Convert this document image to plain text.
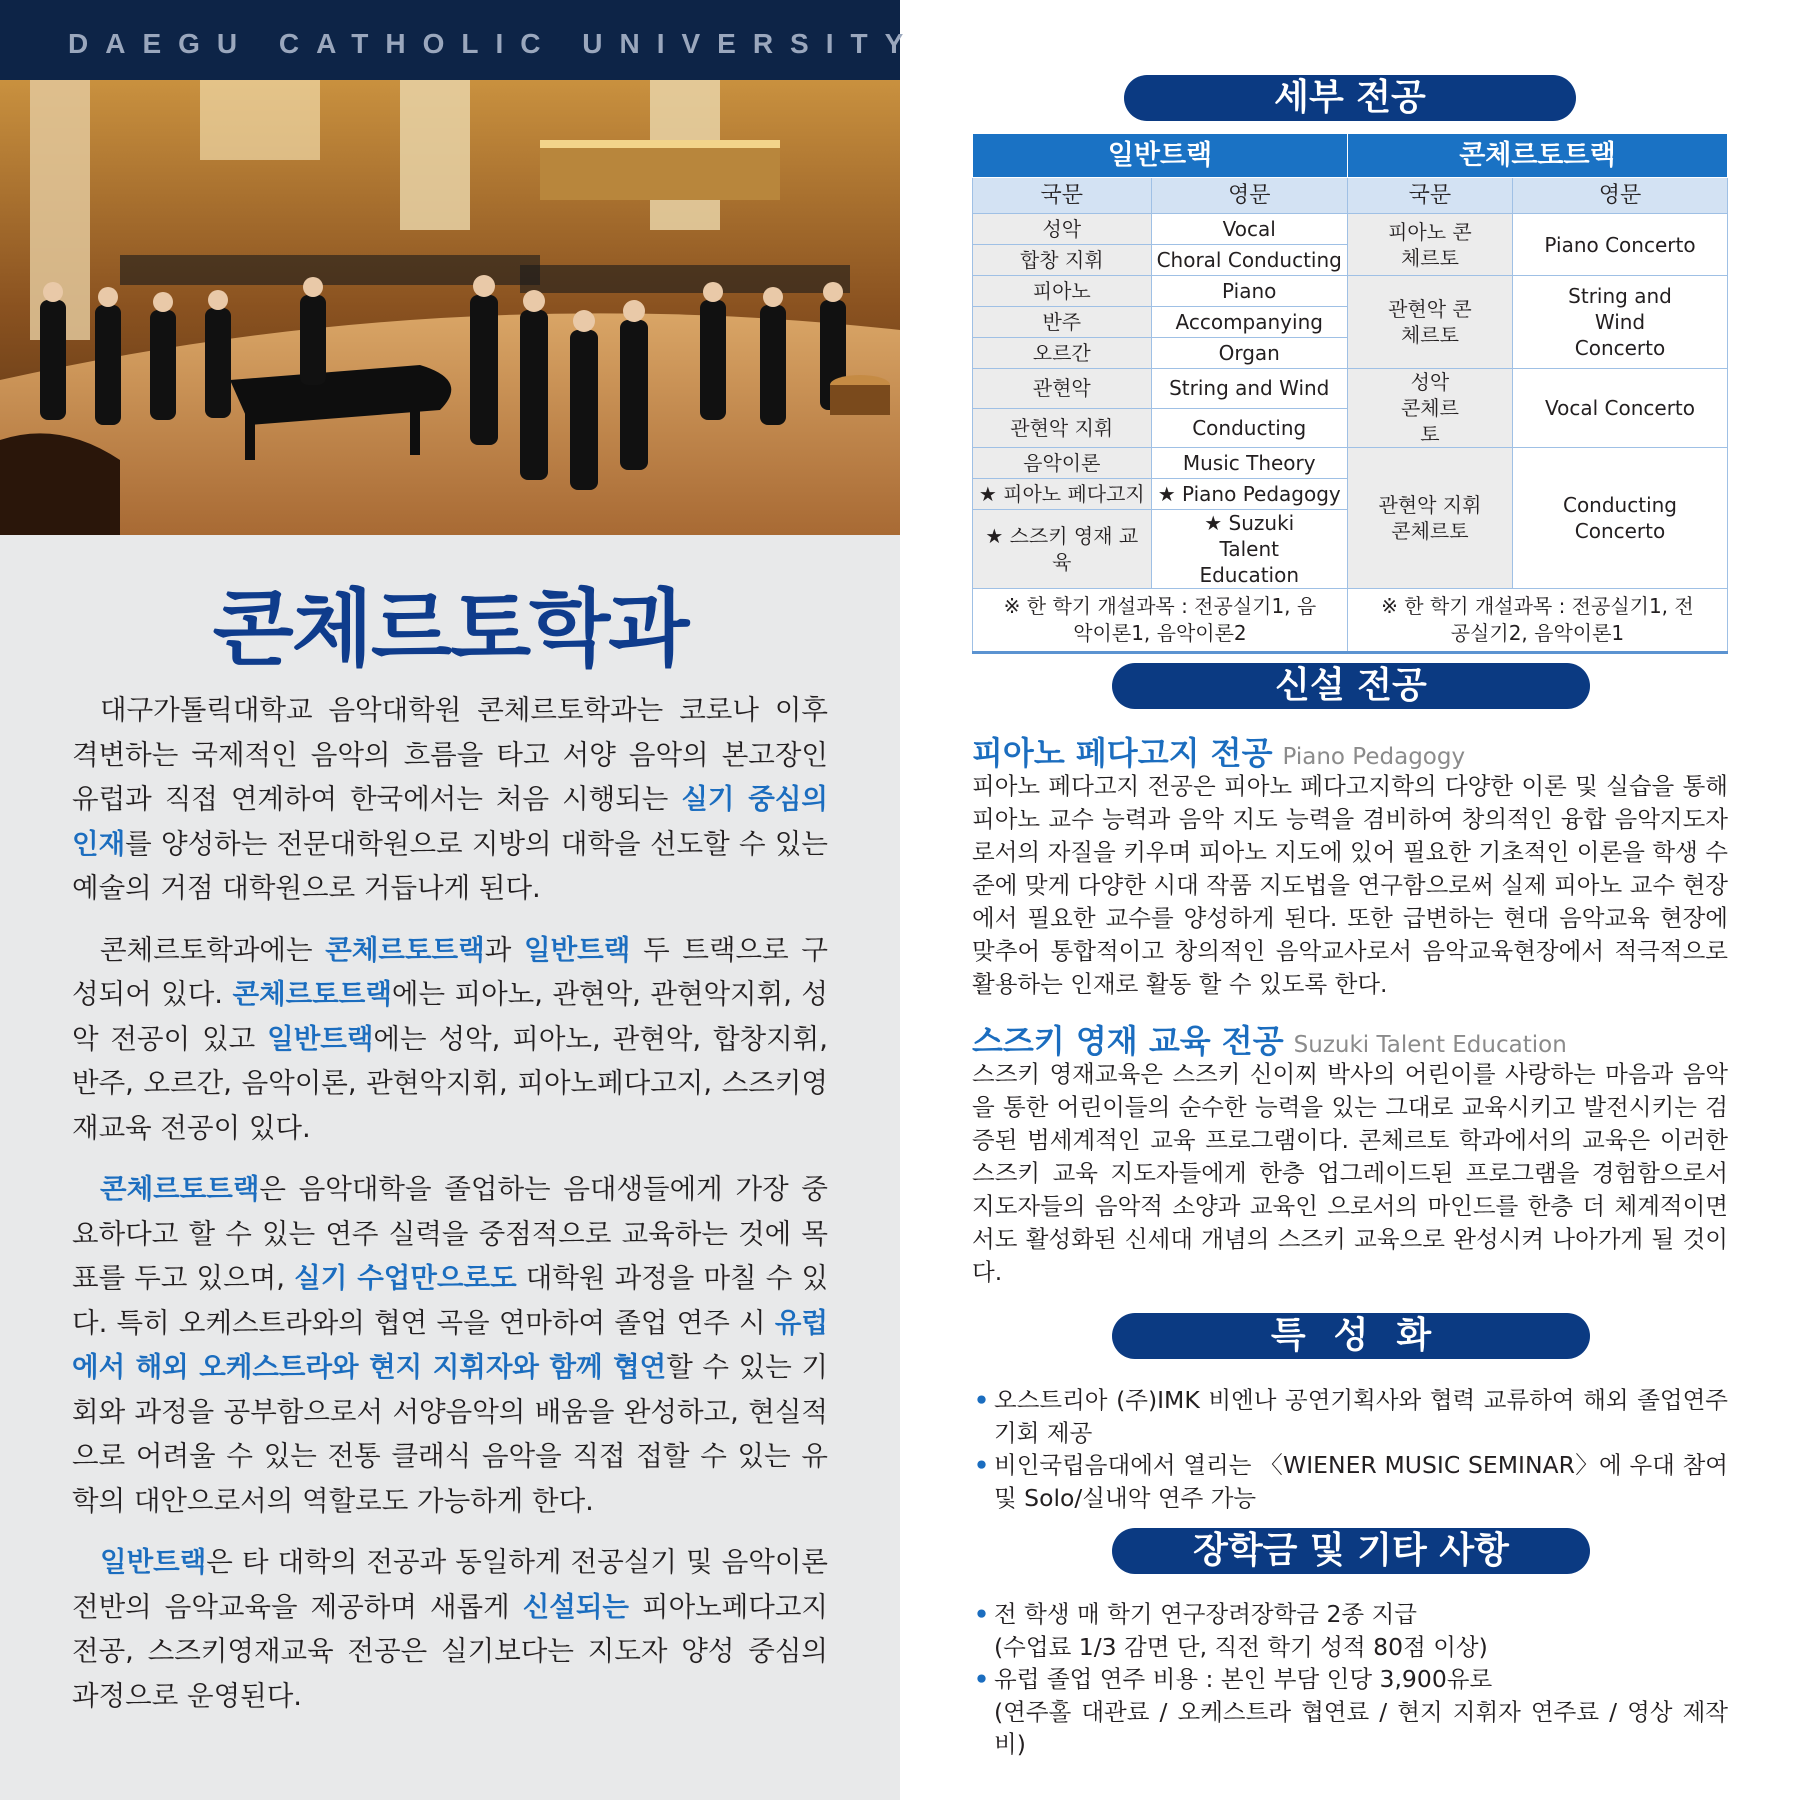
DAEGU CATHOLIC UNIVERSITY
콘체르토학과

대구가톨릭대학교 음악대학원 콘체르토학과는 코로나 이후 격변하는 국제적인 음악의 흐름을 타고 서양 음악의 본고장인 유럽과 직접 연계하여 한국에서는 처음 시행되는 실기 중심의 인재를 양성하는 전문대학원으로 지방의 대학을 선도할 수 있는 예술의 거점 대학원으로 거듭나게 된다.

콘체르토학과에는 콘체르토트랙과 일반트랙 두 트랙으로 구성되어 있다. 콘체르토트랙에는 피아노, 관현악, 관현악지휘, 성악 전공이 있고 일반트랙에는 성악, 피아노, 관현악, 합창지휘, 반주, 오르간, 음악이론, 관현악지휘, 피아노페다고지, 스즈키영재교육 전공이 있다.

콘체르토트랙은 음악대학을 졸업하는 음대생들에게 가장 중요하다고 할 수 있는 연주 실력을 중점적으로 교육하는 것에 목표를 두고 있으며, 실기 수업만으로도 대학원 과정을 마칠 수 있다. 특히 오케스트라와의 협연 곡을 연마하여 졸업 연주 시 유럽에서 해외 오케스트라와 현지 지휘자와 함께 협연할 수 있는 기회와 과정을 공부함으로서 서양음악의 배움을 완성하고, 현실적으로 어려울 수 있는 전통 클래식 음악을 직접 접할 수 있는 유학의 대안으로서의 역할로도 가능하게 한다.

일반트랙은 타 대학의 전공과 동일하게 전공실기 및 음악이론 전반의 음악교육을 제공하며 새롭게 신설되는 피아노페다고지 전공, 스즈키영재교육 전공은 실기보다는 지도자 양성 중심의 과정으로 운영된다.

세부 전공
일반트랙		콘체르토트랙	
국문	영문	국문	영문
성악	Vocal	피아노 콘체르토	Piano Concerto
합창 지휘	Choral Conducting		
피아노	Piano	관현악 콘체르토	String and Wind Concerto
반주	Accompanying		
오르간	Organ		
관현악	String and Wind	성악 콘체르토	Vocal Concerto
관현악 지휘	Conducting		
음악이론	Music Theory	관현악 지휘 콘체르토	Conducting Concerto
★ 피아노 페다고지	★ Piano Pedagogy		
★ 스즈키 영재 교육	★ Suzuki Talent Education		
※ 한 학기 개설과목 : 전공실기1, 음악이론1, 음악이론2		※ 한 학기 개설과목 : 전공실기1, 전공실기2, 음악이론1	
신설 전공
피아노 페다고지 전공 Piano Pedagogy
피아노 페다고지 전공은 피아노 페다고지학의 다양한 이론 및 실습을 통해 피아노 교수 능력과 음악 지도 능력을 겸비하여 창의적인 융합 음악지도자로서의 자질을 키우며 피아노 지도에 있어 필요한 기초적인 이론을 학생 수준에 맞게 다양한 시대 작품 지도법을 연구함으로써 실제 피아노 교수 현장에서 필요한 교수를 양성하게 된다. 또한 급변하는 현대 음악교육 현장에 맞추어 통합적이고 창의적인 음악교사로서 음악교육현장에서 적극적으로 활용하는 인재로 활동 할 수 있도록 한다.
스즈키 영재 교육 전공 Suzuki Talent Education
스즈키 영재교육은 스즈키 신이찌 박사의 어린이를 사랑하는 마음과 음악을 통한 어린이들의 순수한 능력을 있는 그대로 교육시키고 발전시키는 검증된 범세계적인 교육 프로그램이다. 콘체르토 학과에서의 교육은 이러한 스즈키 교육 지도자들에게 한층 업그레이드된 프로그램을 경험함으로서 지도자들의 음악적 소양과 교육인 으로서의 마인드를 한층 더 체계적이면서도 활성화된 신세대 개념의 스즈키 교육으로 완성시켜 나아가게 될 것이다.
특성화
• 오스트리아 (주)IMK 비엔나 공연기획사와 협력 교류하여 해외 졸업연주 기회 제공
• 비인국립음대에서 열리는 〈WIENER MUSIC SEMINAR〉에 우대 참여 및 Solo/실내악 연주 가능
장학금 및 기타 사항
• 전 학생 매 학기 연구장려장학금 2종 지급
(수업료 1/3 감면 단, 직전 학기 성적 80점 이상)
• 유럽 졸업 연주 비용 : 본인 부담 인당 3,900유로
(연주홀 대관료 / 오케스트라 협연료 / 현지 지휘자 연주료 / 영상 제작비)
